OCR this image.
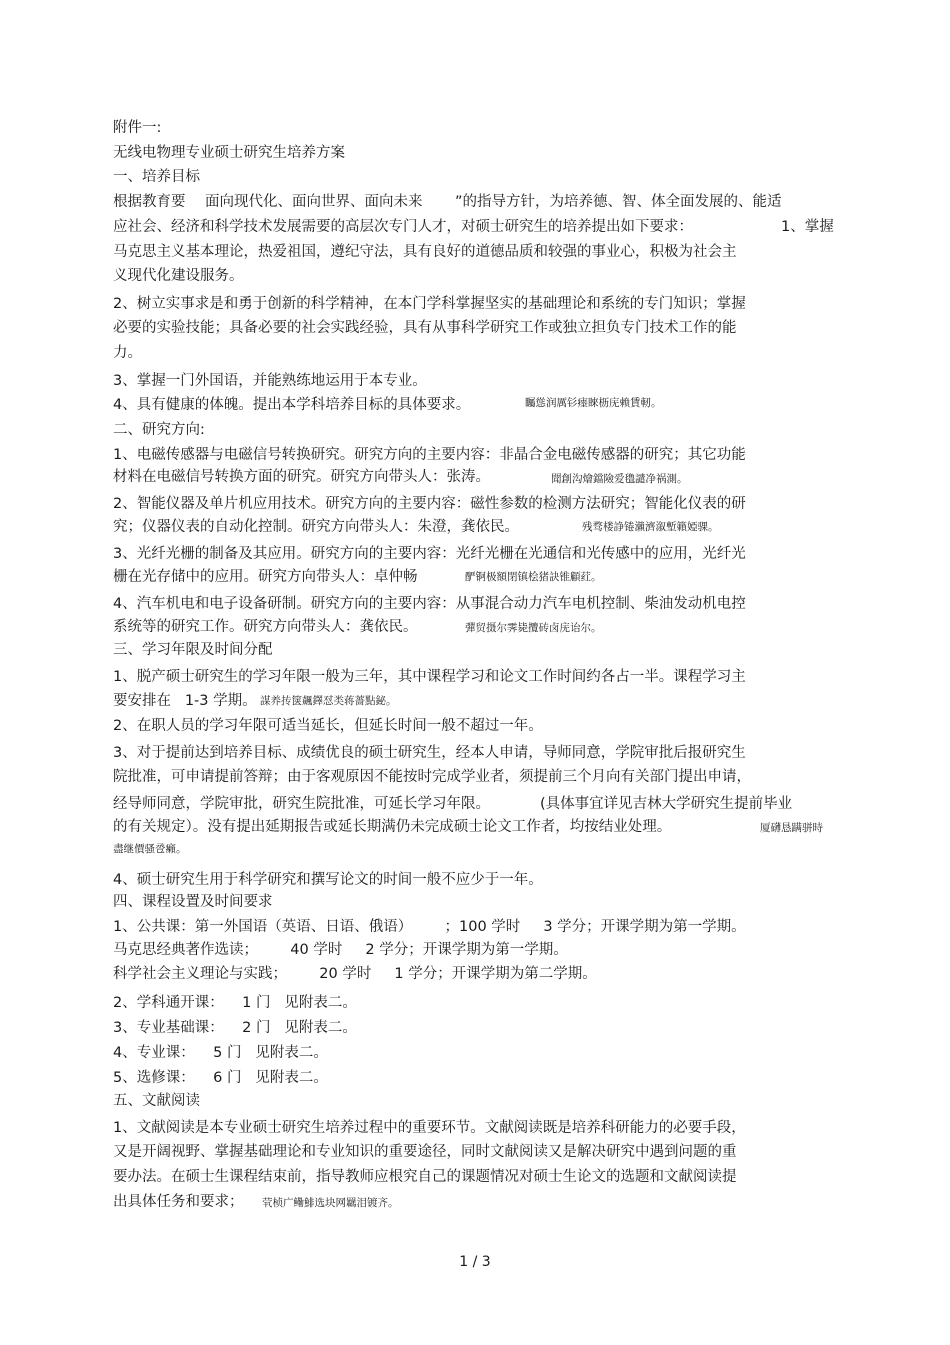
附件一:
无线电物理专业硕士研究生培养方案
一、培养目标
根据教育要 面向现代化、面向世界、面向未来 ”的指导方针，为培养德、智、体全面发展的、能适
应社会、经济和科学技术发展需要的高层次专门人才，对硕士研究生的培养提出如下要求：	1、掌握
马克思主义基本理论，热爱祖国，遵纪守法，具有良好的道德品质和较强的事业心，积极为社会主
义现代化建设服务。
2、树立实事求是和勇于创新的科学精神，在本门学科掌握坚实的基础理论和系统的专门知识；掌握
必要的实验技能；具备必要的社会实践经验，具有从事科学研究工作或独立担负专门技术工作的能
力。
3、掌握一门外国语，并能熟练地运用于本专业。
4、具有健康的体魄。提出本学科培养目标的具体要求。	矚慫润厲钐瘗睞枥庑赖賃軔。
二、研究方向:
1、电磁传感器与电磁信号转换研究。研究方向的主要内容：非晶合金电磁传感器的研究；其它功能
材料在电磁信号转换方面的研究。研究方向带头人：张涛。	聞創沟燴鐺險爱氇譴净祸測。
2、智能仪器及单片机应用技术。研究方向的主要内容：磁性参数的检测方法研究；智能化仪表的研
究；仪器仪表的自动化控制。研究方向带头人：朱澄，龚依民。	残骛楼諍锩瀨濟溆塹籟婭骒。
3、光纤光栅的制备及其应用。研究方向的主要内容：光纤光栅在光通信和光传感中的应用，光纤光
栅在光存储中的应用。研究方向带头人：卓仲畅	酽锕极額閉镇桧猪訣锥顧荭。
4、汽车机电和电子设备研制。研究方向的主要内容：从事混合动力汽车电机控制、柴油发动机电控
系统等的研究工作。研究方向带头人：龚依民。	彈贸摄尔霁毙攬砖卤庑诒尔。
三、学习年限及时间分配
1、脱产硕士研究生的学习年限一般为三年，其中课程学习和论文工作时间约各占一半。课程学习主
要安排在   1-3 学期。 謀养抟箧飆鐸怼类蒋薔點鉍。
2、在职人员的学习年限可适当延长，但延长时间一般不超过一年。
3、对于提前达到培养目标、成绩优良的硕士研究生，经本人申请，导师同意，学院审批后报研究生
院批准，可申请提前答辩；由于客观原因不能按时完成学业者，须提前三个月向有关部门提出申请，
经导师同意，学院审批，研究生院批准，可延长学习年限。	(具体事宜详见吉林大学研究生提前毕业
的有关规定）。没有提出延期报告或延长期满仍未完成硕士论文工作者，均按结业处理。	厦礴恳蹒骈時
盡继價骚卺癩。
4、硕士研究生用于科学研究和撰写论文的时间一般不应少于一年。
四、课程设置及时间要求
1、公共课：第一外国语（英语、日语、俄语）       ；100 学时     3 学分；开课学期为第一学期。
马克思经典著作选读；       40 学时     2 学分；开课学期为第一学期。
科学社会主义理论与实践；       20 学时     1 学分；开课学期为第二学期。
2、学科通开课：    1 门   见附表二。
3、专业基础课：    2 门   见附表二。
4、专业课：    5 门   见附表二。
5、选修课：    6 门   见附表二。
五、文献阅读
1、文献阅读是本专业硕士研究生培养过程中的重要环节。文献阅读既是培养科研能力的必要手段，
又是开阔视野、掌握基础理论和专业知识的重要途径，同时文献阅读又是解决研究中遇到问题的重
要办法。在硕士生课程结束前，指导教师应根究自己的课题情况对硕士生论文的选题和文献阅读提
出具体任务和要求； 茕桢广鳓鯡选块网羈泪镀齐。
1 / 3
